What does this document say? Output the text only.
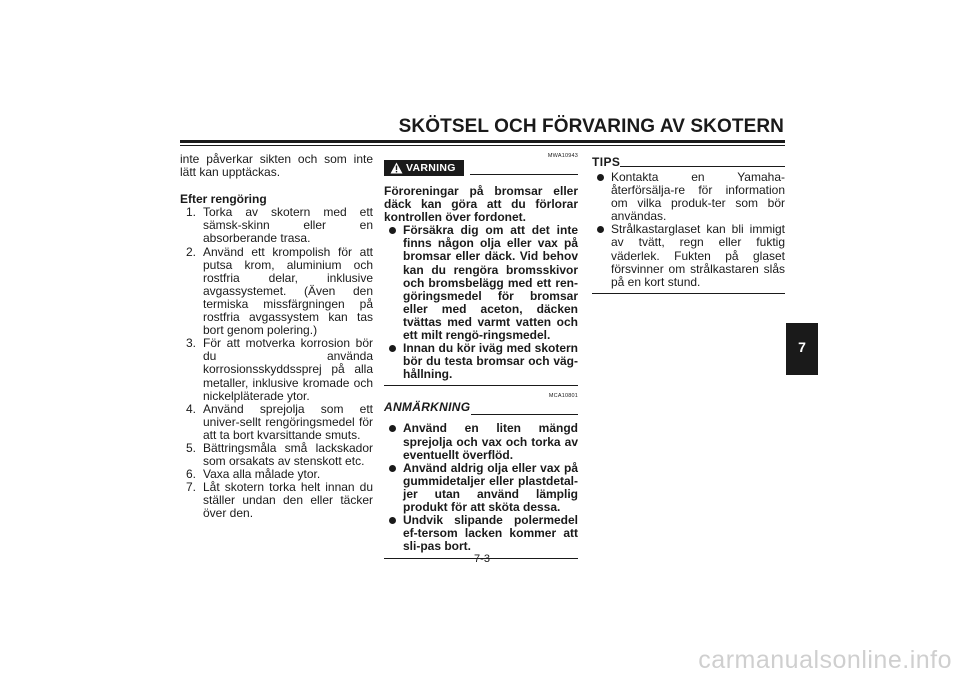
SKÖTSEL OCH FÖRVARING AV SKOTERN
inte påverkar sikten och som inte lätt kan upptäckas.
Efter rengöring
1. Torka av skotern med ett sämsk-skinn eller en absorberande trasa.
2. Använd ett krompolish för att putsa krom, aluminium och rostfria delar, inklusive avgassystemet. (Även den termiska missfärgningen på rostfria avgassystem kan tas bort genom polering.)
3. För att motverka korrosion bör du använda korrosionsskyddssprej på alla metaller, inklusive kromade och nickelpläterade ytor.
4. Använd sprejolja som ett univer-sellt rengöringsmedel för att ta bort kvarsittande smuts.
5. Bättringsmåla små lackskador som orsakats av stenskott etc.
6. Vaxa alla målade ytor.
7. Låt skotern torka helt innan du ställer undan den eller täcker över den.
MWA10943
VARNING
Föroreningar på bromsar eller däck kan göra att du förlorar kontrollen över fordonet.
Försäkra dig om att det inte finns någon olja eller vax på bromsar eller däck. Vid behov kan du rengöra bromsskivor och bromsbelägg med ett ren-göringsmedel för bromsar eller med aceton, däcken tvättas med varmt vatten och ett milt rengö-ringsmedel.
Innan du kör iväg med skotern bör du testa bromsar och väg-hållning.
MCA10801
ANMÄRKNING
Använd en liten mängd sprejolja och vax och torka av eventuellt överflöd.
Använd aldrig olja eller vax på gummidetaljer eller plastdetal-jer utan använd lämplig produkt för att sköta dessa.
Undvik slipande polermedel ef-tersom lacken kommer att sli-pas bort.
TIPS
Kontakta en Yamaha-återförsälja-re för information om vilka produk-ter som bör användas.
Strålkastarglaset kan bli immigt av tvätt, regn eller fuktig väderlek. Fukten på glaset försvinner om strålkastaren slås på en kort stund.
7
7-3
carmanualsonline.info
